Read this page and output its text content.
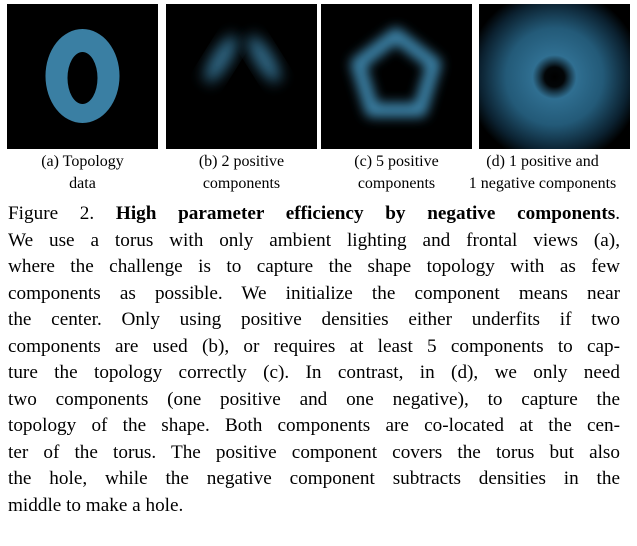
(a) Topology
data
(b) 2 positive
components
(c) 5 positive
components
(d) 1 positive and
1 negative components
Figure 2. High parameter efficiency by negative components.
We use a torus with only ambient lighting and frontal views (a),
where the challenge is to capture the shape topology with as few
components as possible. We initialize the component means near
the center. Only using positive densities either underfits if two
components are used (b), or requires at least 5 components to cap-
ture the topology correctly (c). In contrast, in (d), we only need
two components (one positive and one negative), to capture the
topology of the shape. Both components are co-located at the cen-
ter of the torus. The positive component covers the torus but also
the hole, while the negative component subtracts densities in the
middle to make a hole.
